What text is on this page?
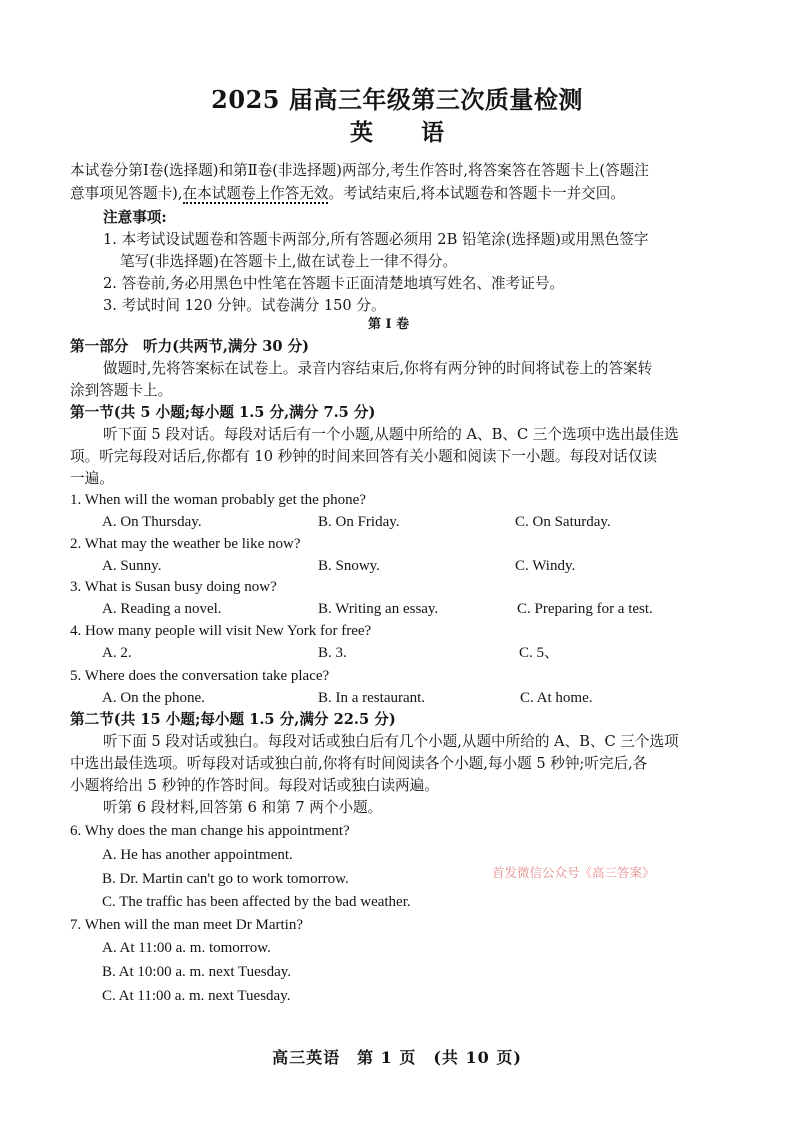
2025 届高三年级第三次质量检测
英 语
本试卷分第Ⅰ卷(选择题)和第Ⅱ卷(非选择题)两部分,考生作答时,将答案答在答题卡上(答题注
意事项见答题卡),在本试题卷上作答无效。考试结束后,将本试题卷和答题卡一并交回。
注意事项:
1. 本考试设试题卷和答题卡两部分,所有答题必须用 2B 铅笔涂(选择题)或用黑色签字
笔写(非选择题)在答题卡上,做在试卷上一律不得分。
2. 答卷前,务必用黑色中性笔在答题卡正面清楚地填写姓名、准考证号。
3. 考试时间 120 分钟。试卷满分 150 分。
第 Ⅰ 卷
第一部分　听力(共两节,满分 30 分)
做题时,先将答案标在试卷上。录音内容结束后,你将有两分钟的时间将试卷上的答案转
涂到答题卡上。
第一节(共 5 小题;每小题 1.5 分,满分 7.5 分)
听下面 5 段对话。每段对话后有一个小题,从题中所给的 A、B、C 三个选项中选出最佳选
项。听完每段对话后,你都有 10 秒钟的时间来回答有关小题和阅读下一小题。每段对话仅读
一遍。
1. When will the woman probably get the phone?
A. On Thursday.	B. On Friday.	C. On Saturday.
2. What may the weather be like now?
A. Sunny.	B. Snowy.	C. Windy.
3. What is Susan busy doing now?
A. Reading a novel.	B. Writing an essay.	C. Preparing for a test.
4. How many people will visit New York for free?
A. 2.	B. 3.	C. 5、
5. Where does the conversation take place?
A. On the phone.	B. In a restaurant.	C. At home.
第二节(共 15 小题;每小题 1.5 分,满分 22.5 分)
听下面 5 段对话或独白。每段对话或独白后有几个小题,从题中所给的 A、B、C 三个选项
中选出最佳选项。听每段对话或独白前,你将有时间阅读各个小题,每小题 5 秒钟;听完后,各
小题将给出 5 秒钟的作答时间。每段对话或独白读两遍。
听第 6 段材料,回答第 6 和第 7 两个小题。
6. Why does the man change his appointment?
A. He has another appointment.
B. Dr. Martin can't go to work tomorrow.
C. The traffic has been affected by the bad weather.
7. When will the man meet Dr Martin?
A. At 11:00 a. m. tomorrow.
B. At 10:00 a. m. next Tuesday.
C. At 11:00 a. m. next Tuesday.
首发微信公众号《高三答案》
高三英语　第 1 页　(共 10 页)
